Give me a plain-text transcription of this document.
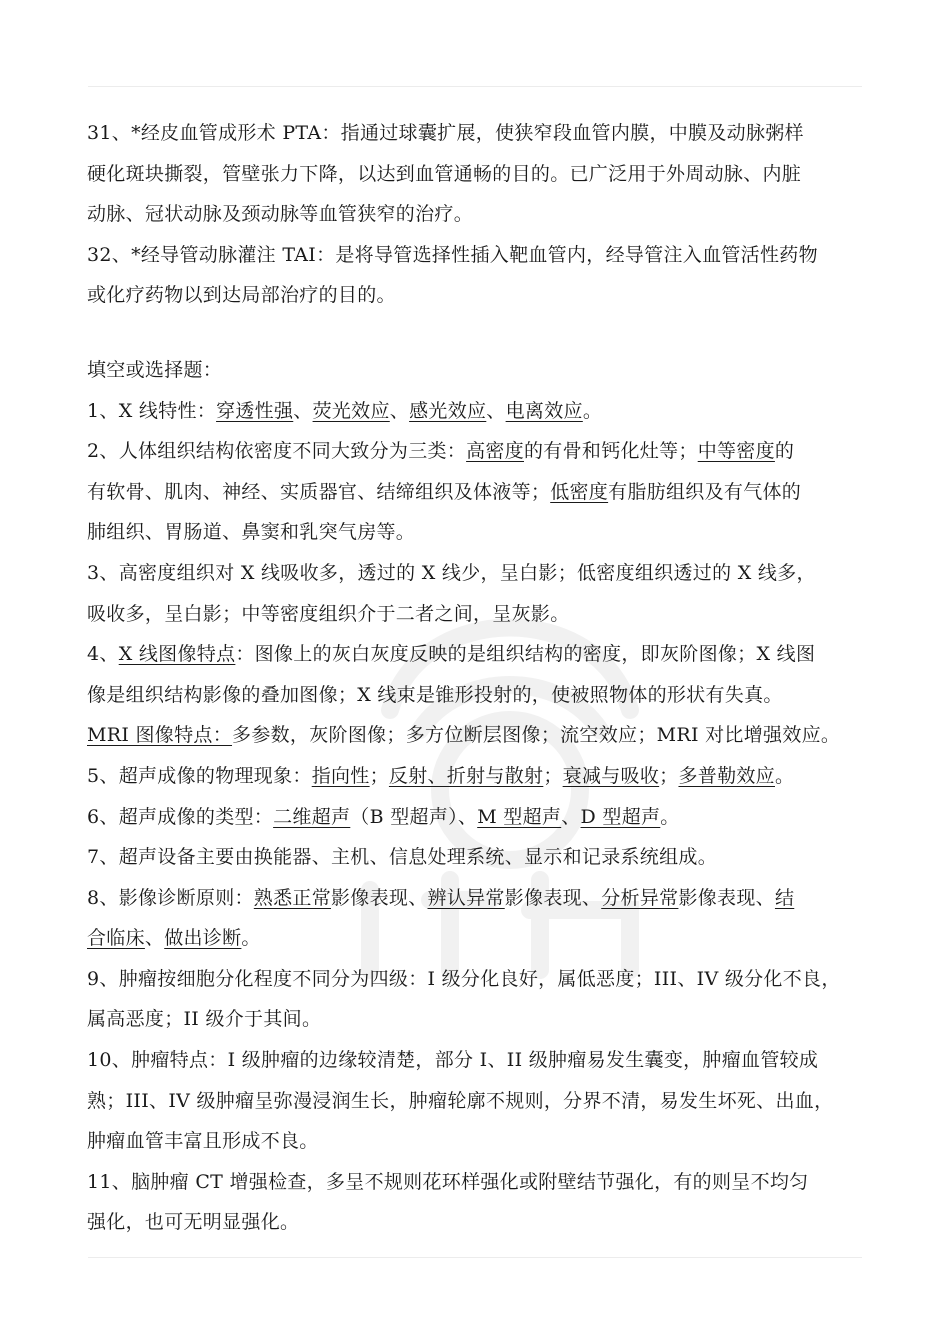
31、*经皮血管成形术 PTA：指通过球囊扩展，使狭窄段血管内膜，中膜及动脉粥样
硬化斑块撕裂，管壁张力下降，以达到血管通畅的目的。已广泛用于外周动脉、内脏
动脉、冠状动脉及颈动脉等血管狭窄的治疗。
32、*经导管动脉灌注 TAI：是将导管选择性插入靶血管内，经导管注入血管活性药物
或化疗药物以到达局部治疗的目的。
填空或选择题：
1、X 线特性：穿透性强、荧光效应、感光效应、电离效应。
2、人体组织结构依密度不同大致分为三类：高密度的有骨和钙化灶等；中等密度的
有软骨、肌肉、神经、实质器官、结缔组织及体液等；低密度有脂肪组织及有气体的
肺组织、胃肠道、鼻窦和乳突气房等。
3、高密度组织对 X 线吸收多，透过的 X 线少，呈白影；低密度组织透过的 X 线多，
吸收多，呈白影；中等密度组织介于二者之间，呈灰影。
4、X 线图像特点：图像上的灰白灰度反映的是组织结构的密度，即灰阶图像；X 线图
像是组织结构影像的叠加图像；X 线束是锥形投射的，使被照物体的形状有失真。
MRI 图像特点：多参数，灰阶图像；多方位断层图像；流空效应；MRI 对比增强效应。
5、超声成像的物理现象：指向性；反射、折射与散射；衰减与吸收；多普勒效应。
6、超声成像的类型：二维超声（B 型超声）、M 型超声、D 型超声。
7、超声设备主要由换能器、主机、信息处理系统、显示和记录系统组成。
8、影像诊断原则：熟悉正常影像表现、辨认异常影像表现、分析异常影像表现、结
合临床、做出诊断。
9、肿瘤按细胞分化程度不同分为四级：I 级分化良好，属低恶度；III、IV 级分化不良，
属高恶度；II 级介于其间。
10、肿瘤特点：I 级肿瘤的边缘较清楚，部分 I、II 级肿瘤易发生囊变，肿瘤血管较成
熟；III、IV 级肿瘤呈弥漫浸润生长，肿瘤轮廓不规则，分界不清，易发生坏死、出血，
肿瘤血管丰富且形成不良。
11、脑肿瘤 CT 增强检查，多呈不规则花环样强化或附壁结节强化，有的则呈不均匀
强化，也可无明显强化。
